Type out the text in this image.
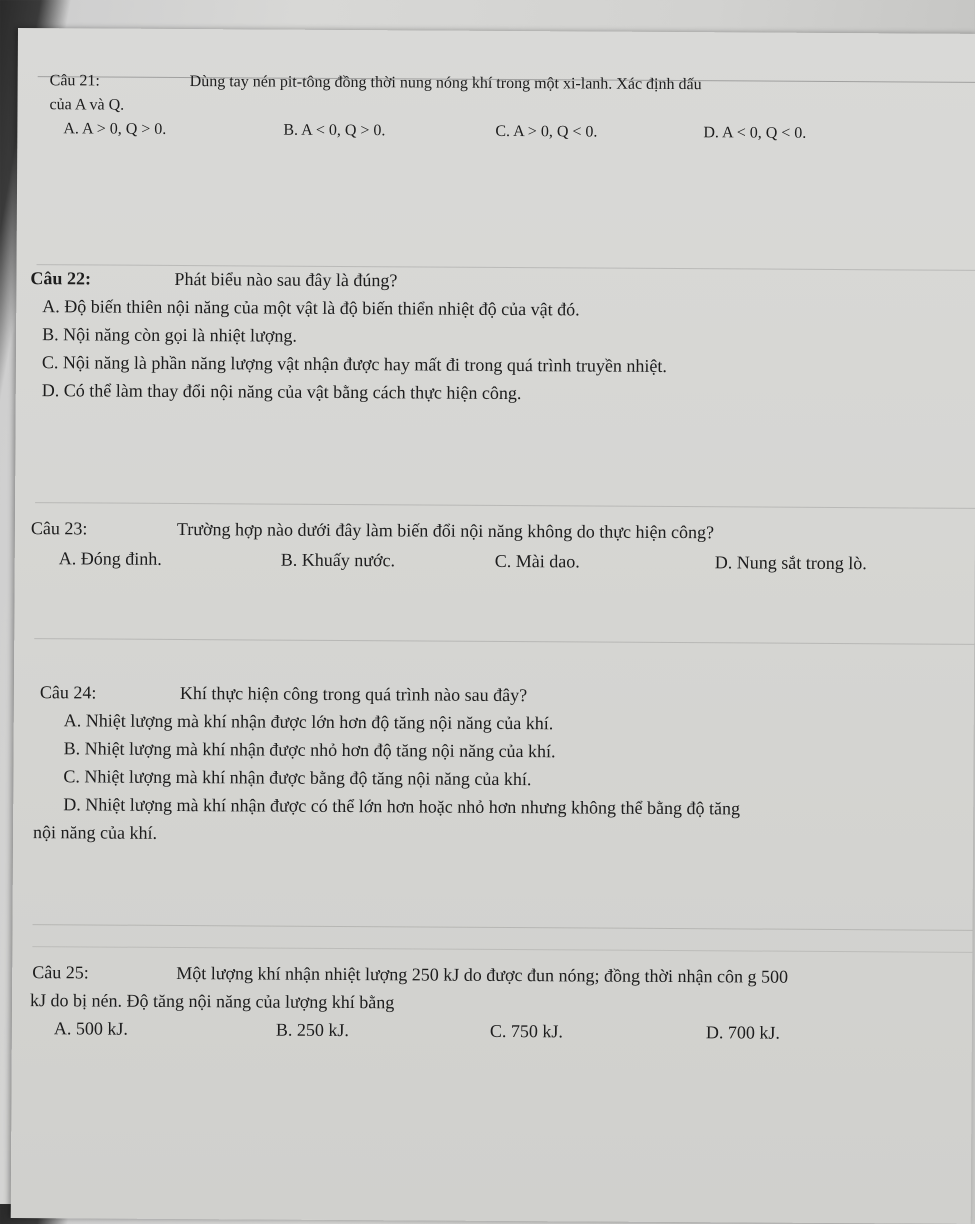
Câu 21:	Dùng tay nén pit-tông đồng thời nung nóng khí trong một xi-lanh. Xác định dấu
của A và Q.
A. A > 0, Q > 0.	B. A < 0, Q > 0.	C. A > 0, Q < 0.	D. A < 0, Q < 0.
Câu 22:	Phát biểu nào sau đây là đúng?
A. Độ biến thiên nội năng của một vật là độ biến thiển nhiệt độ của vật đó.
B. Nội năng còn gọi là nhiệt lượng.
C. Nội năng là phần năng lượng vật nhận được hay mất đi trong quá trình truyền nhiệt.
D. Có thể làm thay đổi nội năng của vật bằng cách thực hiện công.
Câu 23:	Trường hợp nào dưới đây làm biến đổi nội năng không do thực hiện công?
A. Đóng đinh.	B. Khuấy nước.	C. Mài dao.	D. Nung sắt trong lò.
Câu 24:	Khí thực hiện công trong quá trình nào sau đây?
A. Nhiệt lượng mà khí nhận được lớn hơn độ tăng nội năng của khí.
B. Nhiệt lượng mà khí nhận được nhỏ hơn độ tăng nội năng của khí.
C. Nhiệt lượng mà khí nhận được bằng độ tăng nội năng của khí.
D. Nhiệt lượng mà khí nhận được có thể lớn hơn hoặc nhỏ hơn nhưng không thể bằng độ tăng
nội năng của khí.
Câu 25:	Một lượng khí nhận nhiệt lượng 250 kJ do được đun nóng; đồng thời nhận côn g 500
kJ do bị nén. Độ tăng nội năng của lượng khí bằng
A. 500 kJ.	B. 250 kJ.	C. 750 kJ.	D. 700 kJ.
